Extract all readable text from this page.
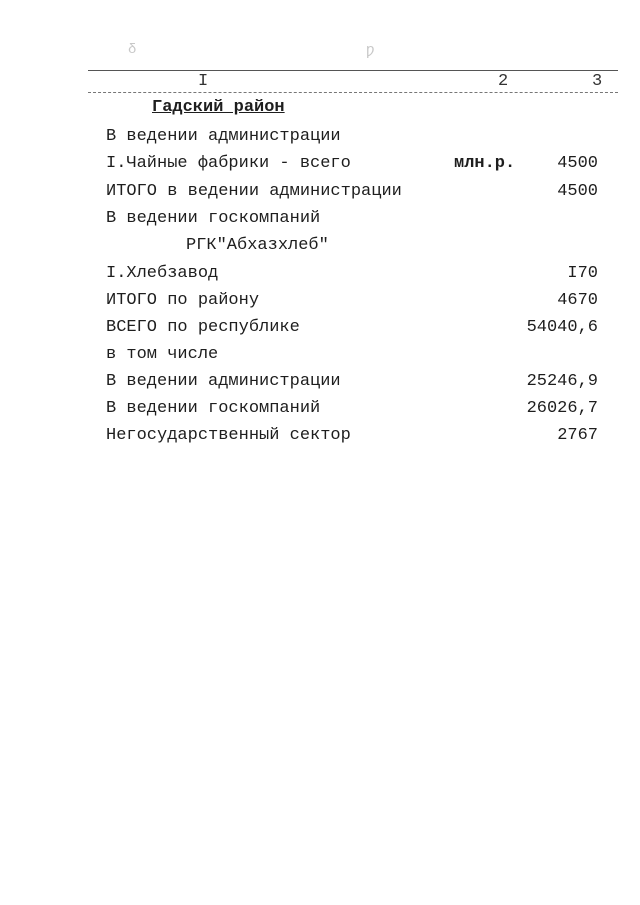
δ	Ƿ
I	2	3
Гадский район
В ведении администрации
I.Чайные фабрики - всего	млн.р. 4500
ИТОГО в ведении администрации	4500
В ведении госкомпаний
РГК"Абхазхлеб"
I.Хлебзавод	I70
ИТОГО по району	4670
ВСЕГО по республике	54040,6
в том числе
В ведении администрации	25246,9
В ведении госкомпаний	26026,7
Негосударственный сектор	2767
